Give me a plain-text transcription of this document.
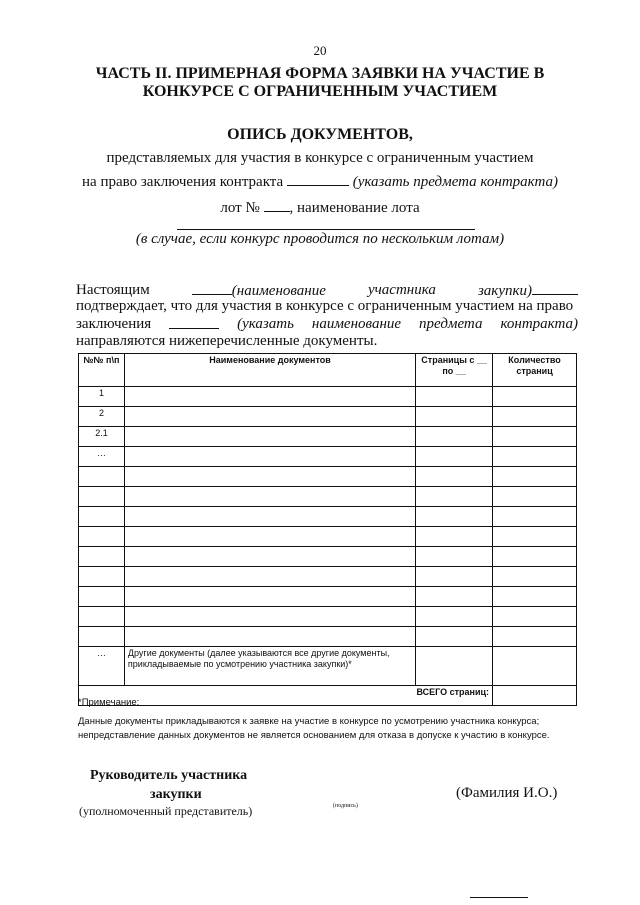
20
ЧАСТЬ II. ПРИМЕРНАЯ ФОРМА ЗАЯВКИ НА УЧАСТИЕ В
КОНКУРСЕ С ОГРАНИЧЕННЫМ УЧАСТИЕМ
ОПИСЬ ДОКУМЕНТОВ,
представляемых для участия в конкурсе с ограниченным участием
на право заключения контракта	(указать предмета контракта)
лот № , наименование лота
(в случае, если конкурс проводится по нескольким лотам)
Настоящим	(наименование	участника	закупки)
подтверждает, что для участия в конкурсе с ограниченным участием на право
заключения	(указать наименование предмета контракта)
направляются нижеперечисленные документы.
№№ п\п	Наименование документов	Страницы с __ по __	Количество страниц
1			
2			
2.1			
…			

…	Другие документы (далее указываются все другие документы, прикладываемые по усмотрению участника закупки)*		
ВСЕГО страниц:			
*Примечание:
Данные документы прикладываются к заявке на участие в конкурсе по усмотрению участника конкурса; непредставление данных документов не является основанием для отказа в допуске к участию в конкурсе.
Руководитель участника
закупки
(уполномоченный представитель)	(подпись)
(Фамилия И.О.)
